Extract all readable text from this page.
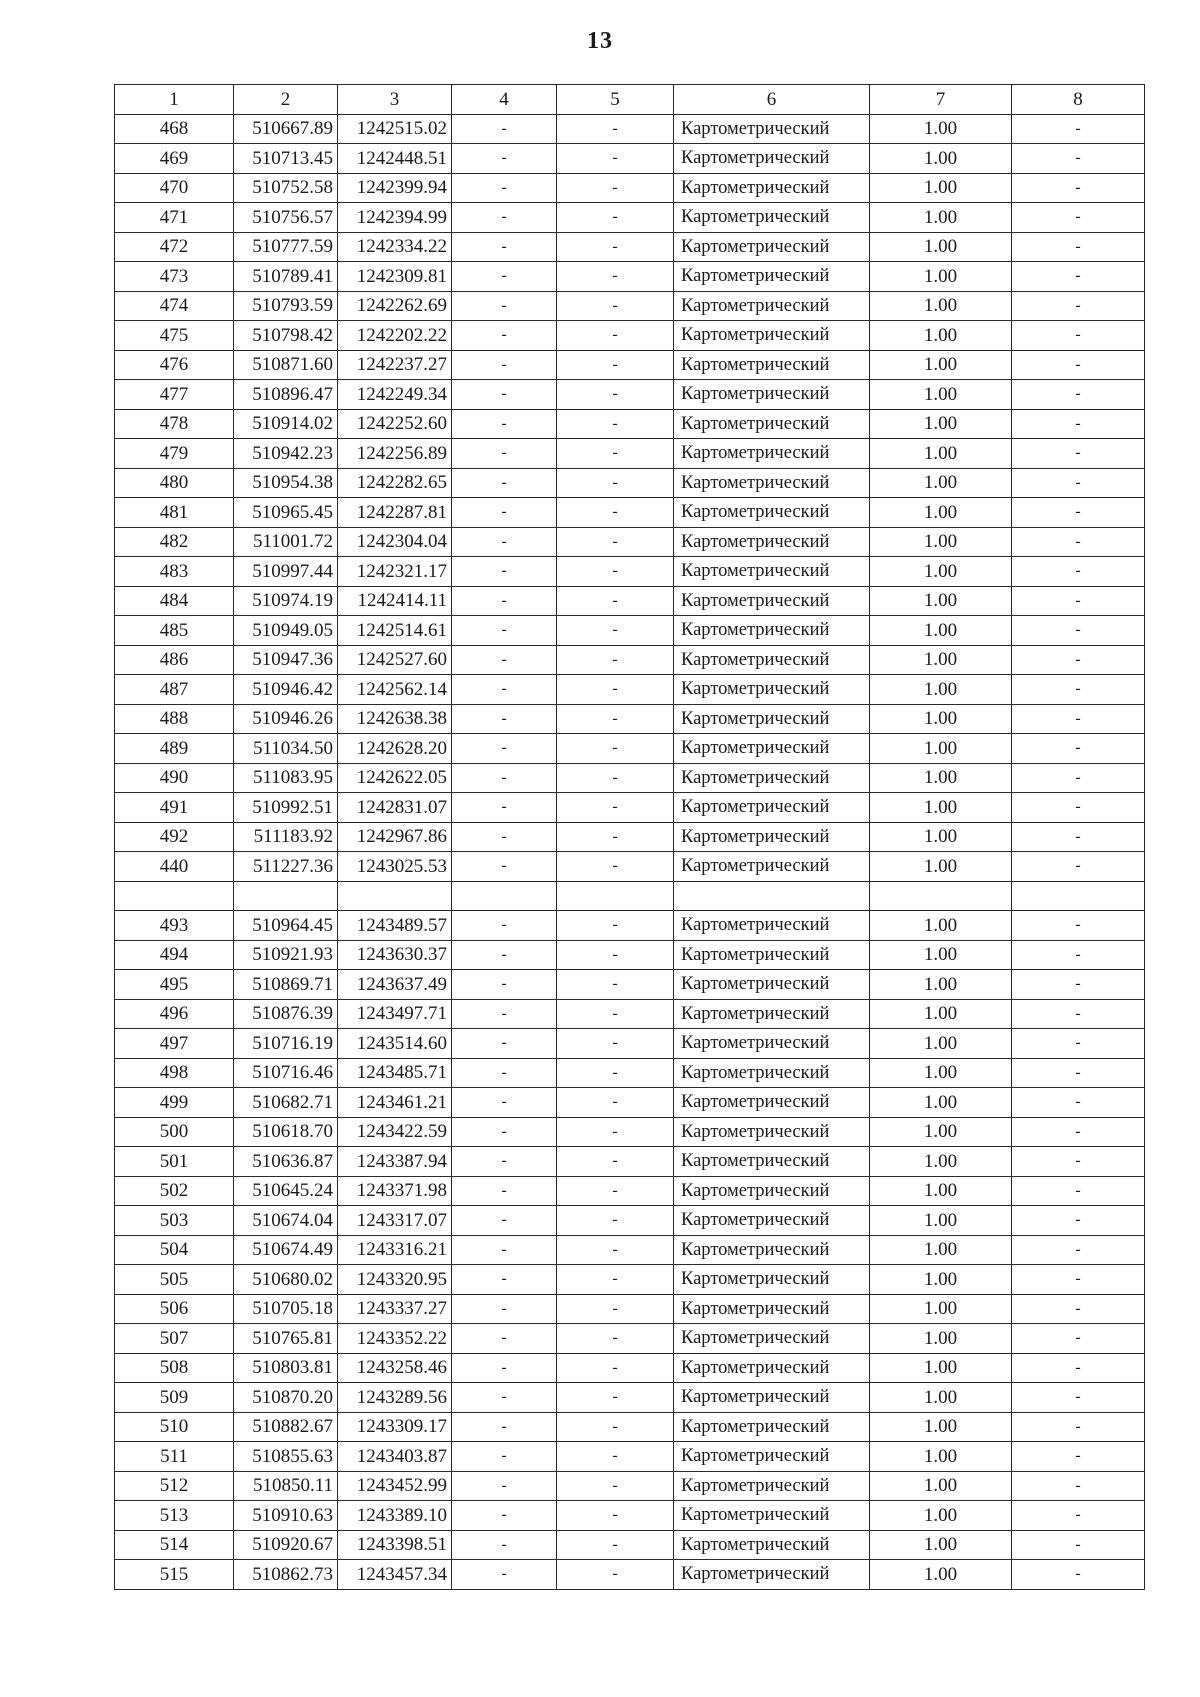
13
1	2	3	4	5	6	7	8
468	510667.89	1242515.02	-	-	Картометрический	1.00	-
469	510713.45	1242448.51	-	-	Картометрический	1.00	-
470	510752.58	1242399.94	-	-	Картометрический	1.00	-
471	510756.57	1242394.99	-	-	Картометрический	1.00	-
472	510777.59	1242334.22	-	-	Картометрический	1.00	-
473	510789.41	1242309.81	-	-	Картометрический	1.00	-
474	510793.59	1242262.69	-	-	Картометрический	1.00	-
475	510798.42	1242202.22	-	-	Картометрический	1.00	-
476	510871.60	1242237.27	-	-	Картометрический	1.00	-
477	510896.47	1242249.34	-	-	Картометрический	1.00	-
478	510914.02	1242252.60	-	-	Картометрический	1.00	-
479	510942.23	1242256.89	-	-	Картометрический	1.00	-
480	510954.38	1242282.65	-	-	Картометрический	1.00	-
481	510965.45	1242287.81	-	-	Картометрический	1.00	-
482	511001.72	1242304.04	-	-	Картометрический	1.00	-
483	510997.44	1242321.17	-	-	Картометрический	1.00	-
484	510974.19	1242414.11	-	-	Картометрический	1.00	-
485	510949.05	1242514.61	-	-	Картометрический	1.00	-
486	510947.36	1242527.60	-	-	Картометрический	1.00	-
487	510946.42	1242562.14	-	-	Картометрический	1.00	-
488	510946.26	1242638.38	-	-	Картометрический	1.00	-
489	511034.50	1242628.20	-	-	Картометрический	1.00	-
490	511083.95	1242622.05	-	-	Картометрический	1.00	-
491	510992.51	1242831.07	-	-	Картометрический	1.00	-
492	511183.92	1242967.86	-	-	Картометрический	1.00	-
440	511227.36	1243025.53	-	-	Картометрический	1.00	-

493	510964.45	1243489.57	-	-	Картометрический	1.00	-
494	510921.93	1243630.37	-	-	Картометрический	1.00	-
495	510869.71	1243637.49	-	-	Картометрический	1.00	-
496	510876.39	1243497.71	-	-	Картометрический	1.00	-
497	510716.19	1243514.60	-	-	Картометрический	1.00	-
498	510716.46	1243485.71	-	-	Картометрический	1.00	-
499	510682.71	1243461.21	-	-	Картометрический	1.00	-
500	510618.70	1243422.59	-	-	Картометрический	1.00	-
501	510636.87	1243387.94	-	-	Картометрический	1.00	-
502	510645.24	1243371.98	-	-	Картометрический	1.00	-
503	510674.04	1243317.07	-	-	Картометрический	1.00	-
504	510674.49	1243316.21	-	-	Картометрический	1.00	-
505	510680.02	1243320.95	-	-	Картометрический	1.00	-
506	510705.18	1243337.27	-	-	Картометрический	1.00	-
507	510765.81	1243352.22	-	-	Картометрический	1.00	-
508	510803.81	1243258.46	-	-	Картометрический	1.00	-
509	510870.20	1243289.56	-	-	Картометрический	1.00	-
510	510882.67	1243309.17	-	-	Картометрический	1.00	-
511	510855.63	1243403.87	-	-	Картометрический	1.00	-
512	510850.11	1243452.99	-	-	Картометрический	1.00	-
513	510910.63	1243389.10	-	-	Картометрический	1.00	-
514	510920.67	1243398.51	-	-	Картометрический	1.00	-
515	510862.73	1243457.34	-	-	Картометрический	1.00	-
